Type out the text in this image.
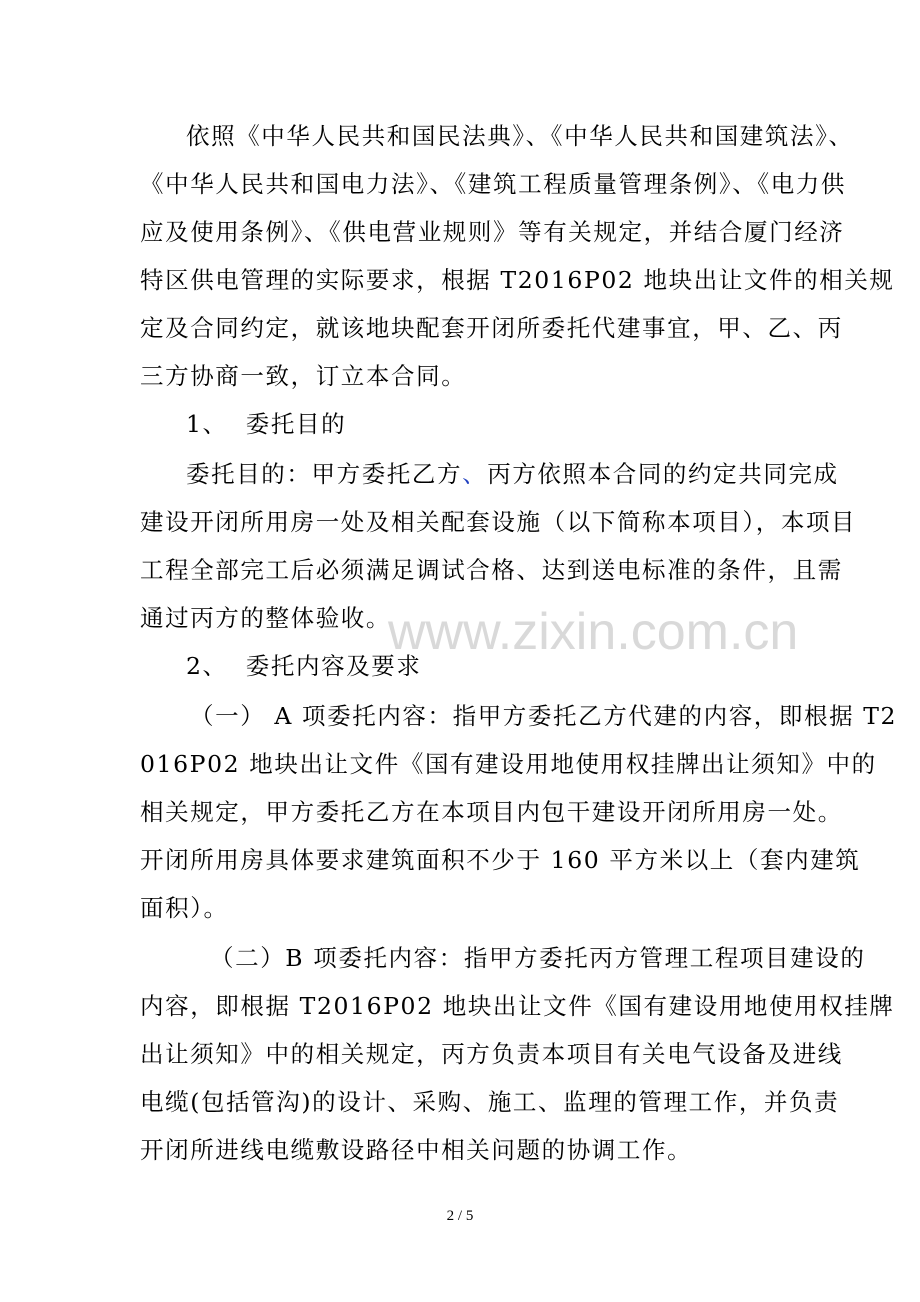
依照《中华人民共和国民法典》、《中华人民共和国建筑法》、
《中华人民共和国电力法》、《建筑工程质量管理条例》、《电力供
应及使用条例》、《供电营业规则》等有关规定，并结合厦门经济
特区供电管理的实际要求，根据 T2016P02 地块出让文件的相关规
定及合同约定，就该地块配套开闭所委托代建事宜，甲、乙、丙
三方协商一致，订立本合同。
1、  委托目的
委托目的：甲方委托乙方、丙方依照本合同的约定共同完成
建设开闭所用房一处及相关配套设施（以下简称本项目），本项目
工程全部完工后必须满足调试合格、达到送电标准的条件，且需
通过丙方的整体验收。
www.zixin.com.cn
2、  委托内容及要求
（一） A 项委托内容：指甲方委托乙方代建的内容，即根据 T2
016P02 地块出让文件《国有建设用地使用权挂牌出让须知》中的
相关规定，甲方委托乙方在本项目内包干建设开闭所用房一处。
开闭所用房具体要求建筑面积不少于 160 平方米以上（套内建筑
面积）。
（二）B 项委托内容：指甲方委托丙方管理工程项目建设的
内容，即根据 T2016P02 地块出让文件《国有建设用地使用权挂牌
出让须知》中的相关规定，丙方负责本项目有关电气设备及进线
电缆(包括管沟)的设计、采购、施工、监理的管理工作，并负责
开闭所进线电缆敷设路径中相关问题的协调工作。
2 / 5
